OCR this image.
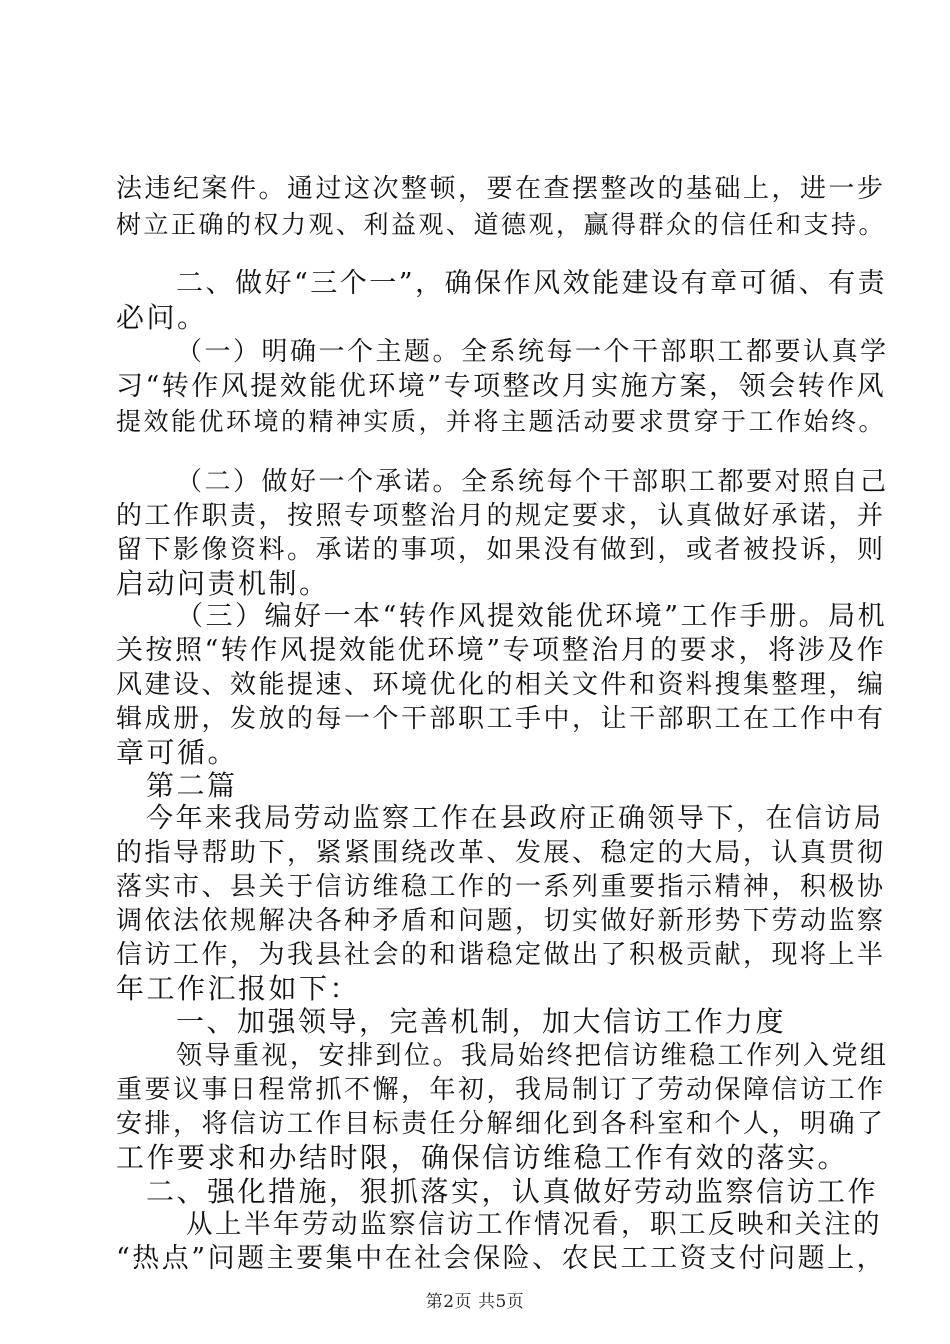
法违纪案件。通过这次整顿，要在查摆整改的基础上，进一步
树立正确的权力观、利益观、道德观，赢得群众的信任和支持。
二、做好“三个一”，确保作风效能建设有章可循、有责
必问。
（一）明确一个主题。全系统每一个干部职工都要认真学
习“转作风提效能优环境”专项整改月实施方案，领会转作风
提效能优环境的精神实质，并将主题活动要求贯穿于工作始终。
（二）做好一个承诺。全系统每个干部职工都要对照自己
的工作职责，按照专项整治月的规定要求，认真做好承诺，并
留下影像资料。承诺的事项，如果没有做到，或者被投诉，则
启动问责机制。
（三）编好一本“转作风提效能优环境”工作手册。局机
关按照“转作风提效能优环境”专项整治月的要求，将涉及作
风建设、效能提速、环境优化的相关文件和资料搜集整理，编
辑成册，发放的每一个干部职工手中，让干部职工在工作中有
章可循。
第二篇
今年来我局劳动监察工作在县政府正确领导下，在信访局
的指导帮助下，紧紧围绕改革、发展、稳定的大局，认真贯彻
落实市、县关于信访维稳工作的一系列重要指示精神，积极协
调依法依规解决各种矛盾和问题，切实做好新形势下劳动监察
信访工作，为我县社会的和谐稳定做出了积极贡献，现将上半
年工作汇报如下：
一、加强领导，完善机制，加大信访工作力度
领导重视，安排到位。我局始终把信访维稳工作列入党组
重要议事日程常抓不懈，年初，我局制订了劳动保障信访工作
安排，将信访工作目标责任分解细化到各科室和个人，明确了
工作要求和办结时限，确保信访维稳工作有效的落实。
二、强化措施，狠抓落实，认真做好劳动监察信访工作
从上半年劳动监察信访工作情况看，职工反映和关注的
“热点”问题主要集中在社会保险、农民工工资支付问题上，
第2页 共5页
